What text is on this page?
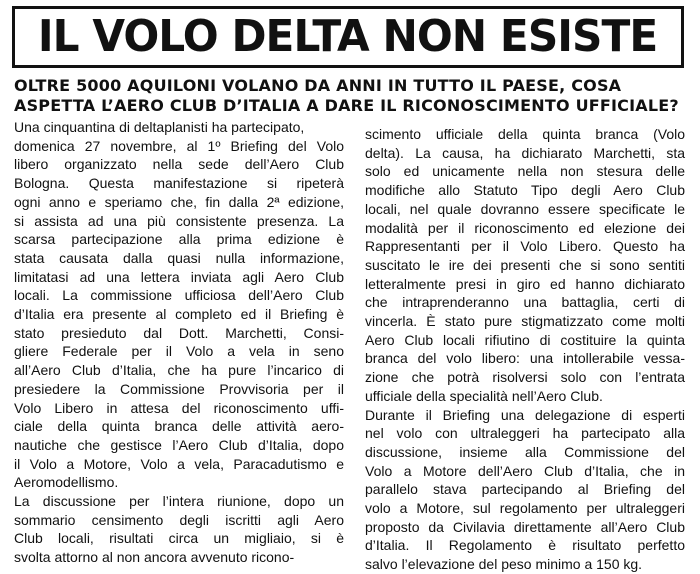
IL VOLO DELTA NON ESISTE
OLTRE 5000 AQUILONI VOLANO DA ANNI IN TUTTO IL PAESE, COSA
ASPETTA L’AERO CLUB D’ITALIA A DARE IL RICONOSCIMENTO UFFICIALE?
Una cinquantina di deltaplanisti ha partecipato,
domenica 27 novembre, al 1º Briefing del Volo
libero organizzato nella sede dell’Aero Club
Bologna. Questa manifestazione si ripeterà
ogni anno e speriamo che, fin dalla 2ª edizione,
si assista ad una più consistente presenza. La
scarsa partecipazione alla prima edizione è
stata causata dalla quasi nulla informazione,
limitatasi ad una lettera inviata agli Aero Club
locali. La commissione ufficiosa dell’Aero Club
d’Italia era presente al completo ed il Briefing è
stato presieduto dal Dott. Marchetti, Consi-
gliere Federale per il Volo a vela in seno
all’Aero Club d’Italia, che ha pure l’incarico di
presiedere la Commissione Provvisoria per il
Volo Libero in attesa del riconoscimento uffi-
ciale della quinta branca delle attività aero-
nautiche che gestisce l’Aero Club d’Italia, dopo
il Volo a Motore, Volo a vela, Paracadutismo e
Aeromodellismo.
La discussione per l’intera riunione, dopo un
sommario censimento degli iscritti agli Aero
Club locali, risultati circa un migliaio, si è
svolta attorno al non ancora avvenuto ricono-
scimento ufficiale della quinta branca (Volo
delta). La causa, ha dichiarato Marchetti, sta
solo ed unicamente nella non stesura delle
modifiche allo Statuto Tipo degli Aero Club
locali, nel quale dovranno essere specificate le
modalità per il riconoscimento ed elezione dei
Rappresentanti per il Volo Libero. Questo ha
suscitato le ire dei presenti che si sono sentiti
letteralmente presi in giro ed hanno dichiarato
che intraprenderanno una battaglia, certi di
vincerla. È stato pure stigmatizzato come molti
Aero Club locali rifiutino di costituire la quinta
branca del volo libero: una intollerabile vessa-
zione che potrà risolversi solo con l’entrata
ufficiale della specialità nell’Aero Club.
Durante il Briefing una delegazione di esperti
nel volo con ultraleggeri ha partecipato alla
discussione, insieme alla Commissione del
Volo a Motore dell’Aero Club d’Italia, che in
parallelo stava partecipando al Briefing del
volo a Motore, sul regolamento per ultraleggeri
proposto da Civilavia direttamente all’Aero Club
d’Italia. Il Regolamento è risultato perfetto
salvo l’elevazione del peso minimo a 150 kg.
